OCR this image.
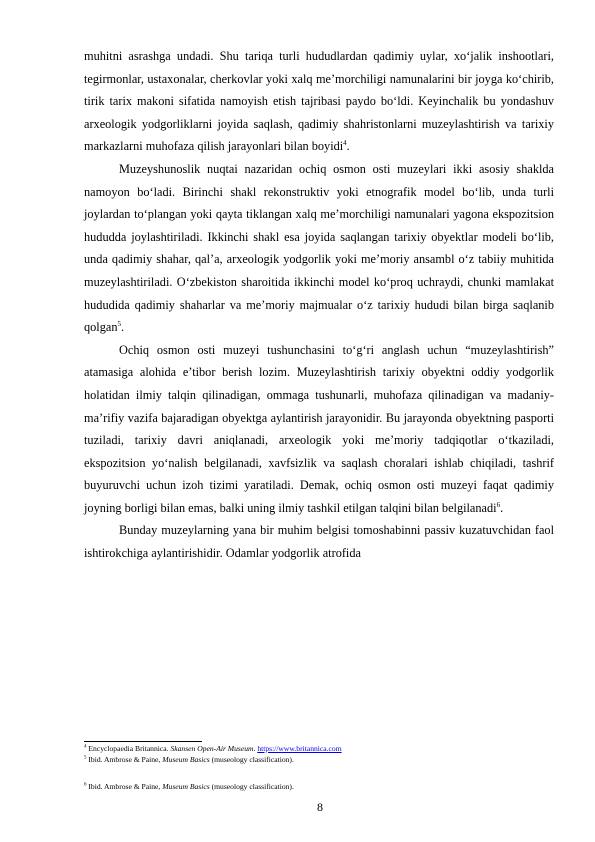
muhitni asrashga undadi. Shu tariqa turli hududlardan qadimiy uylar, xo‘jalik inshootlari, tegirmonlar, ustaxonalar, cherkovlar yoki xalq me’morchiligi namunalarini bir joyga ko‘chirib, tirik tarix makoni sifatida namoyish etish tajribasi paydo bo‘ldi. Keyinchalik bu yondashuv arxeologik yodgorliklarni joyida saqlash, qadimiy shahristonlarni muzeylashtirish va tarixiy markazlarni muhofaza qilish jarayonlari bilan boyidi$^4$.

Muzeyshunoslik nuqtai nazaridan ochiq osmon osti muzeylari ikki asosiy shaklda namoyon bo‘ladi. Birinchi shakl rekonstruktiv yoki etnografik model bo‘lib, unda turli joylardan to‘plangan yoki qayta tiklangan xalq me’morchiligi namunalari yagona ekspozitsion hududda joylashtiriladi. Ikkinchi shakl esa joyida saqlangan tarixiy obyektlar modeli bo‘lib, unda qadimiy shahar, qal’a, arxeologik yodgorlik yoki me’moriy ansambl o‘z tabiiy muhitida muzeylashtiriladi. O‘zbekiston sharoitida ikkinchi model ko‘proq uchraydi, chunki mamlakat hududida qadimiy shaharlar va me’moriy majmualar o‘z tarixiy hududi bilan birga saqlanib qolgan$^5$.

Ochiq osmon osti muzeyi tushunchasini to‘g‘ri anglash uchun “muzeylashtirish” atamasiga alohida e’tibor berish lozim. Muzeylashtirish tarixiy obyektni oddiy yodgorlik holatidan ilmiy talqin qilinadigan, ommaga tushunarli, muhofaza qilinadigan va madaniy-ma’rifiy vazifa bajaradigan obyektga aylantirish jarayonidir. Bu jarayonda obyektning pasporti tuziladi, tarixiy davri aniqlanadi, arxeologik yoki me’moriy tadqiqotlar o‘tkaziladi, ekspozitsion yo‘nalish belgilanadi, xavfsizlik va saqlash choralari ishlab chiqiladi, tashrif buyuruvchi uchun izoh tizimi yaratiladi. Demak, ochiq osmon osti muzeyi faqat qadimiy joyning borligi bilan emas, balki uning ilmiy tashkil etilgan talqini bilan belgilanadi$^6$.

Bunday muzeylarning yana bir muhim belgisi tomoshabinni passiv kuzatuvchidan faol ishtirokchiga aylantirishidir. Odamlar yodgorlik atrofida

$^4$ Encyclopaedia Britannica. Skansen Open-Air Museum. https://www.britannica.com

$^5$ Ibid. Ambrose & Paine, Museum Basics (museology classification).

$^6$ Ibid. Ambrose & Paine, Museum Basics (museology classification).

8
